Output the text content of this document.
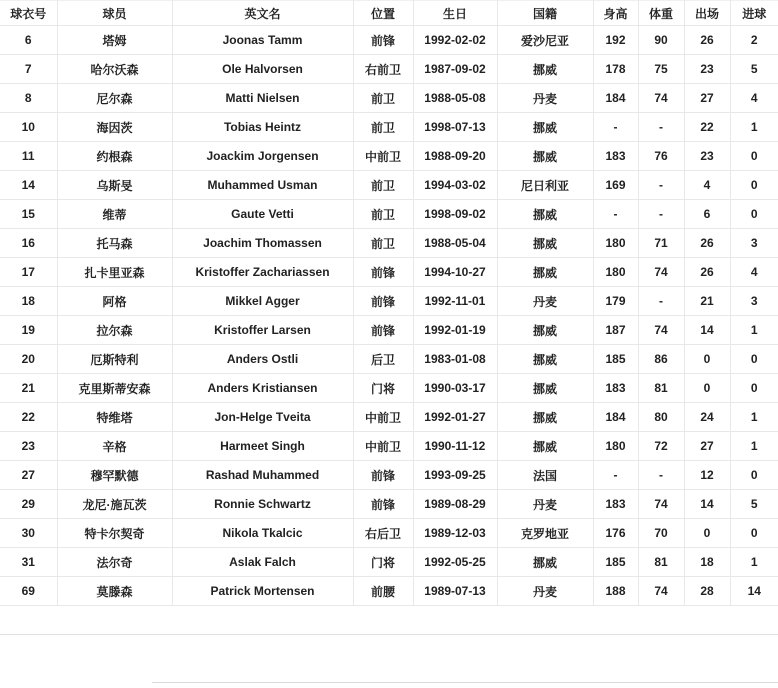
球衣号	球员	英文名	位置	生日	国籍	身高	体重	出场	进球
6	塔姆	Joonas Tamm	前锋	1992-02-02	爱沙尼亚	192	90	26	2
7	哈尔沃森	Ole Halvorsen	右前卫	1987-09-02	挪威	178	75	23	5
8	尼尔森	Matti Nielsen	前卫	1988-05-08	丹麦	184	74	27	4
10	海因茨	Tobias Heintz	前卫	1998-07-13	挪威	-	-	22	1
11	约根森	Joackim Jorgensen	中前卫	1988-09-20	挪威	183	76	23	0
14	乌斯旻	Muhammed Usman	前卫	1994-03-02	尼日利亚	169	-	4	0
15	维蒂	Gaute Vetti	前卫	1998-09-02	挪威	-	-	6	0
16	托马森	Joachim Thomassen	前卫	1988-05-04	挪威	180	71	26	3
17	扎卡里亚森	Kristoffer Zachariassen	前锋	1994-10-27	挪威	180	74	26	4
18	阿格	Mikkel Agger	前锋	1992-11-01	丹麦	179	-	21	3
19	拉尔森	Kristoffer Larsen	前锋	1992-01-19	挪威	187	74	14	1
20	厄斯特利	Anders Ostli	后卫	1983-01-08	挪威	185	86	0	0
21	克里斯蒂安森	Anders Kristiansen	门将	1990-03-17	挪威	183	81	0	0
22	特维塔	Jon-Helge Tveita	中前卫	1992-01-27	挪威	184	80	24	1
23	辛格	Harmeet Singh	中前卫	1990-11-12	挪威	180	72	27	1
27	穆罕默德	Rashad Muhammed	前锋	1993-09-25	法国	-	-	12	0
29	龙尼·施瓦茨	Ronnie Schwartz	前锋	1989-08-29	丹麦	183	74	14	5
30	特卡尔契奇	Nikola Tkalcic	右后卫	1989-12-03	克罗地亚	176	70	0	0
31	法尔奇	Aslak Falch	门将	1992-05-25	挪威	185	81	18	1
69	莫滕森	Patrick Mortensen	前腰	1989-07-13	丹麦	188	74	28	14
